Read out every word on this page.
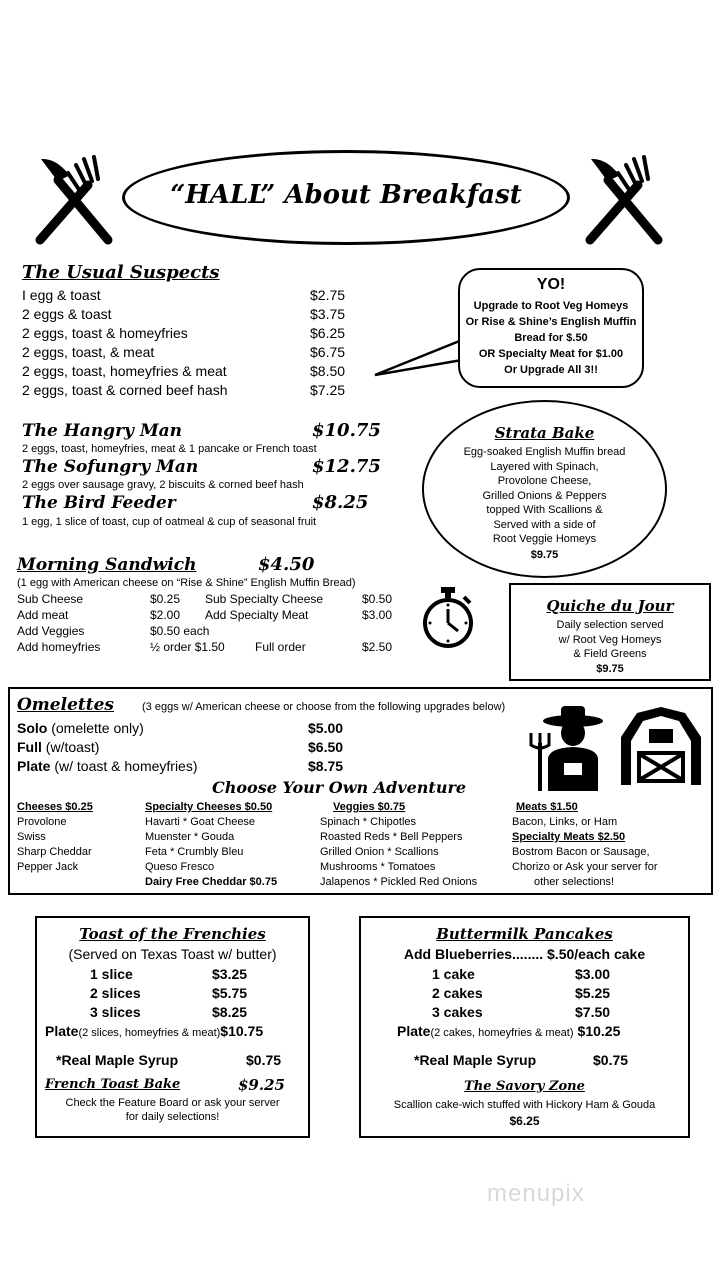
“HALL” About Breakfast
The Usual Suspects
I egg & toast	$2.75
2 eggs & toast	$3.75
2 eggs, toast & homeyfries	$6.25
2 eggs, toast, & meat	$6.75
2 eggs, toast, homeyfries & meat	$8.50
2 eggs, toast & corned beef hash	$7.25
YO!
Upgrade to Root Veg Homeys
Or Rise & Shine’s English Muffin
Bread for $.50
OR Specialty Meat for $1.00
Or Upgrade All 3!!
The Hangry Man	$10.75
2 eggs, toast, homeyfries, meat & 1 pancake or French toast
The Sofungry Man	$12.75
2 eggs over sausage gravy, 2 biscuits & corned beef hash
The Bird Feeder	$8.25
1 egg, 1 slice of toast, cup of oatmeal & cup of seasonal fruit
Strata Bake
Egg-soaked English Muffin bread
Layered with Spinach,
Provolone Cheese,
Grilled Onions & Peppers
topped With Scallions &
Served with a side of
Root Veggie Homeys
$9.75
Morning Sandwich	$4.50
(1 egg with American cheese on “Rise & Shine” English Muffin Bread)
Sub Cheese	$0.25 Sub Specialty Cheese	$0.50
Add meat	$2.00 Add Specialty Meat	$3.00
Add Veggies	$0.50 each
Add homeyfries	½ order $1.50	Full order	$2.50
Quiche du Jour
Daily selection served
w/ Root Veg Homeys
& Field Greens
$9.75
Omelettes	(3 eggs w/ American cheese or choose from the following upgrades below)
Solo (omelette only)	$5.00
Full (w/toast)	$6.50
Plate (w/ toast & homeyfries)	$8.75
Choose Your Own Adventure
Cheeses $0.25
Provolone
Swiss
Sharp Cheddar
Pepper Jack
Specialty Cheeses $0.50
Havarti * Goat Cheese
Muenster * Gouda
Feta * Crumbly Bleu
Queso Fresco
Dairy Free Cheddar $0.75
Veggies $0.75
Spinach * Chipotles
Roasted Reds * Bell Peppers
Grilled Onion * Scallions
Mushrooms * Tomatoes
Jalapenos * Pickled Red Onions
Meats $1.50
Bacon, Links, or Ham
Specialty Meats $2.50
Bostrom Bacon or Sausage,
Chorizo or Ask your server for
other selections!
Toast of the Frenchies
(Served on Texas Toast w/ butter)
1 slice	$3.25
2 slices	$5.75
3 slices	$8.25
Plate(2 slices, homeyfries & meat)$10.75
*Real Maple Syrup	$0.75
French Toast Bake	$9.25
Check the Feature Board or ask your server
for daily selections!
Buttermilk Pancakes
Add Blueberries........ $.50/each cake
1 cake	$3.00
2 cakes	$5.25
3 cakes	$7.50
Plate(2 cakes, homeyfries & meat) $10.25
*Real Maple Syrup	$0.75
The Savory Zone
Scallion cake-wich stuffed with Hickory Ham & Gouda
$6.25
menupix
